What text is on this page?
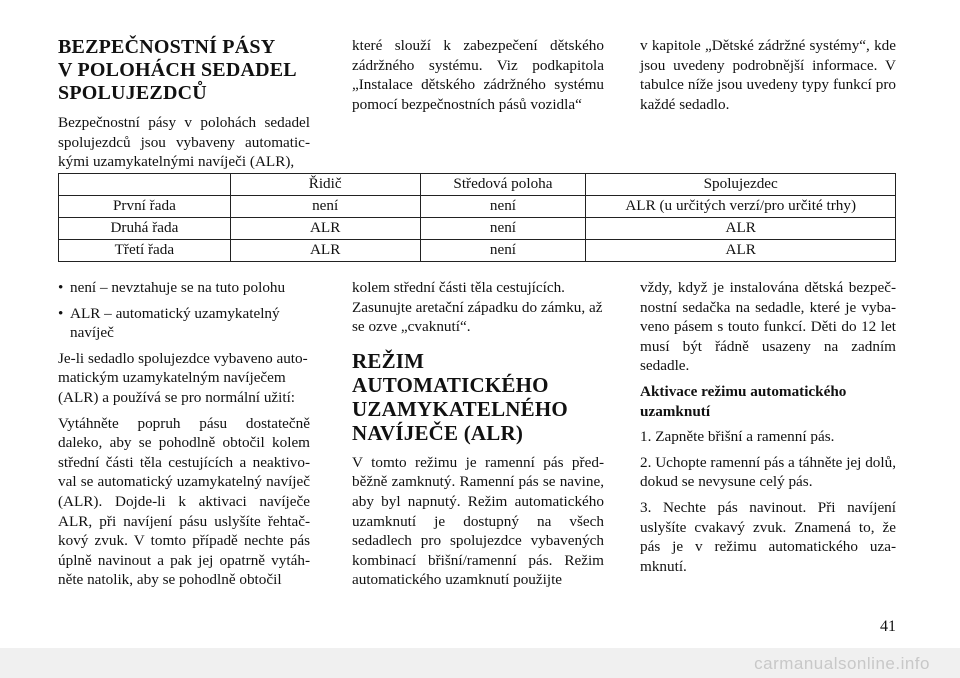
BEZPEČNOSTNÍ PÁSY
V POLOHÁCH SEDADEL
SPOLUJEZDCŮ

Bezpečnostní pásy v polohách sedadel spolujezdců jsou vybaveny automatickými uzamykatelnými navíječi (ALR),

které slouží k zabezpečení dětského zádržného systému. Viz podkapitola „Instalace dětského zádržného systému pomocí bezpečnostních pásů vozidla“

v kapitole „Dětské zádržné systémy“, kde jsou uvedeny podrobnější informace. V tabulce níže jsou uvedeny typy funkcí pro každé sedadlo.

	Řidič	Středová poloha	Spolujezdec
První řada	není	není	ALR (u určitých verzí/pro určité trhy)
Druhá řada	ALR	není	ALR
Třetí řada	ALR	není	ALR
• není – nevztahuje se na tuto polohu
• ALR – automatický uzamykatelný navíječ

Je-li sedadlo spolujezdce vybaveno automatickým uzamykatelným navíječem (ALR) a používá se pro normální užití:

Vytáhněte popruh pásu dostatečně daleko, aby se pohodlně obtočil kolem střední části těla cestujících a neaktivoval se automatický uzamykatelný navíječ (ALR). Dojde-li k aktivaci navíječe ALR, při navíjení pásu uslyšíte řehtačkový zvuk. V tomto případě nechte pás úplně navinout a pak jej opatrně vytáhněte natolik, aby se pohodlně obtočil

kolem střední části těla cestujících. Zasunujte aretační západku do zámku, až se ozve „cvaknutí“.

REŽIM
AUTOMATICKÉHO
UZAMYKATELNÉHO
NAVÍJEČE (ALR)

V tomto režimu je ramenní pás předběžně zamknutý. Ramenní pás se navine, aby byl napnutý. Režim automatického uzamknutí je dostupný na všech sedadlech pro spolujezdce vybavených kombinací břišní/ramenní pás. Režim automatického uzamknutí použijte

vždy, když je instalována dětská bezpečnostní sedačka na sedadle, které je vybaveno pásem s touto funkcí. Děti do 12 let musí být řádně usazeny na zadním sedadle.

Aktivace režimu automatického uzamknutí

1. Zapněte břišní a ramenní pás.

2. Uchopte ramenní pás a táhněte jej dolů, dokud se nevysune celý pás.

3. Nechte pás navinout. Při navíjení uslyšíte cvakavý zvuk. Znamená to, že pás je v režimu automatického uzamknutí.

41
carmanualsonline.info
